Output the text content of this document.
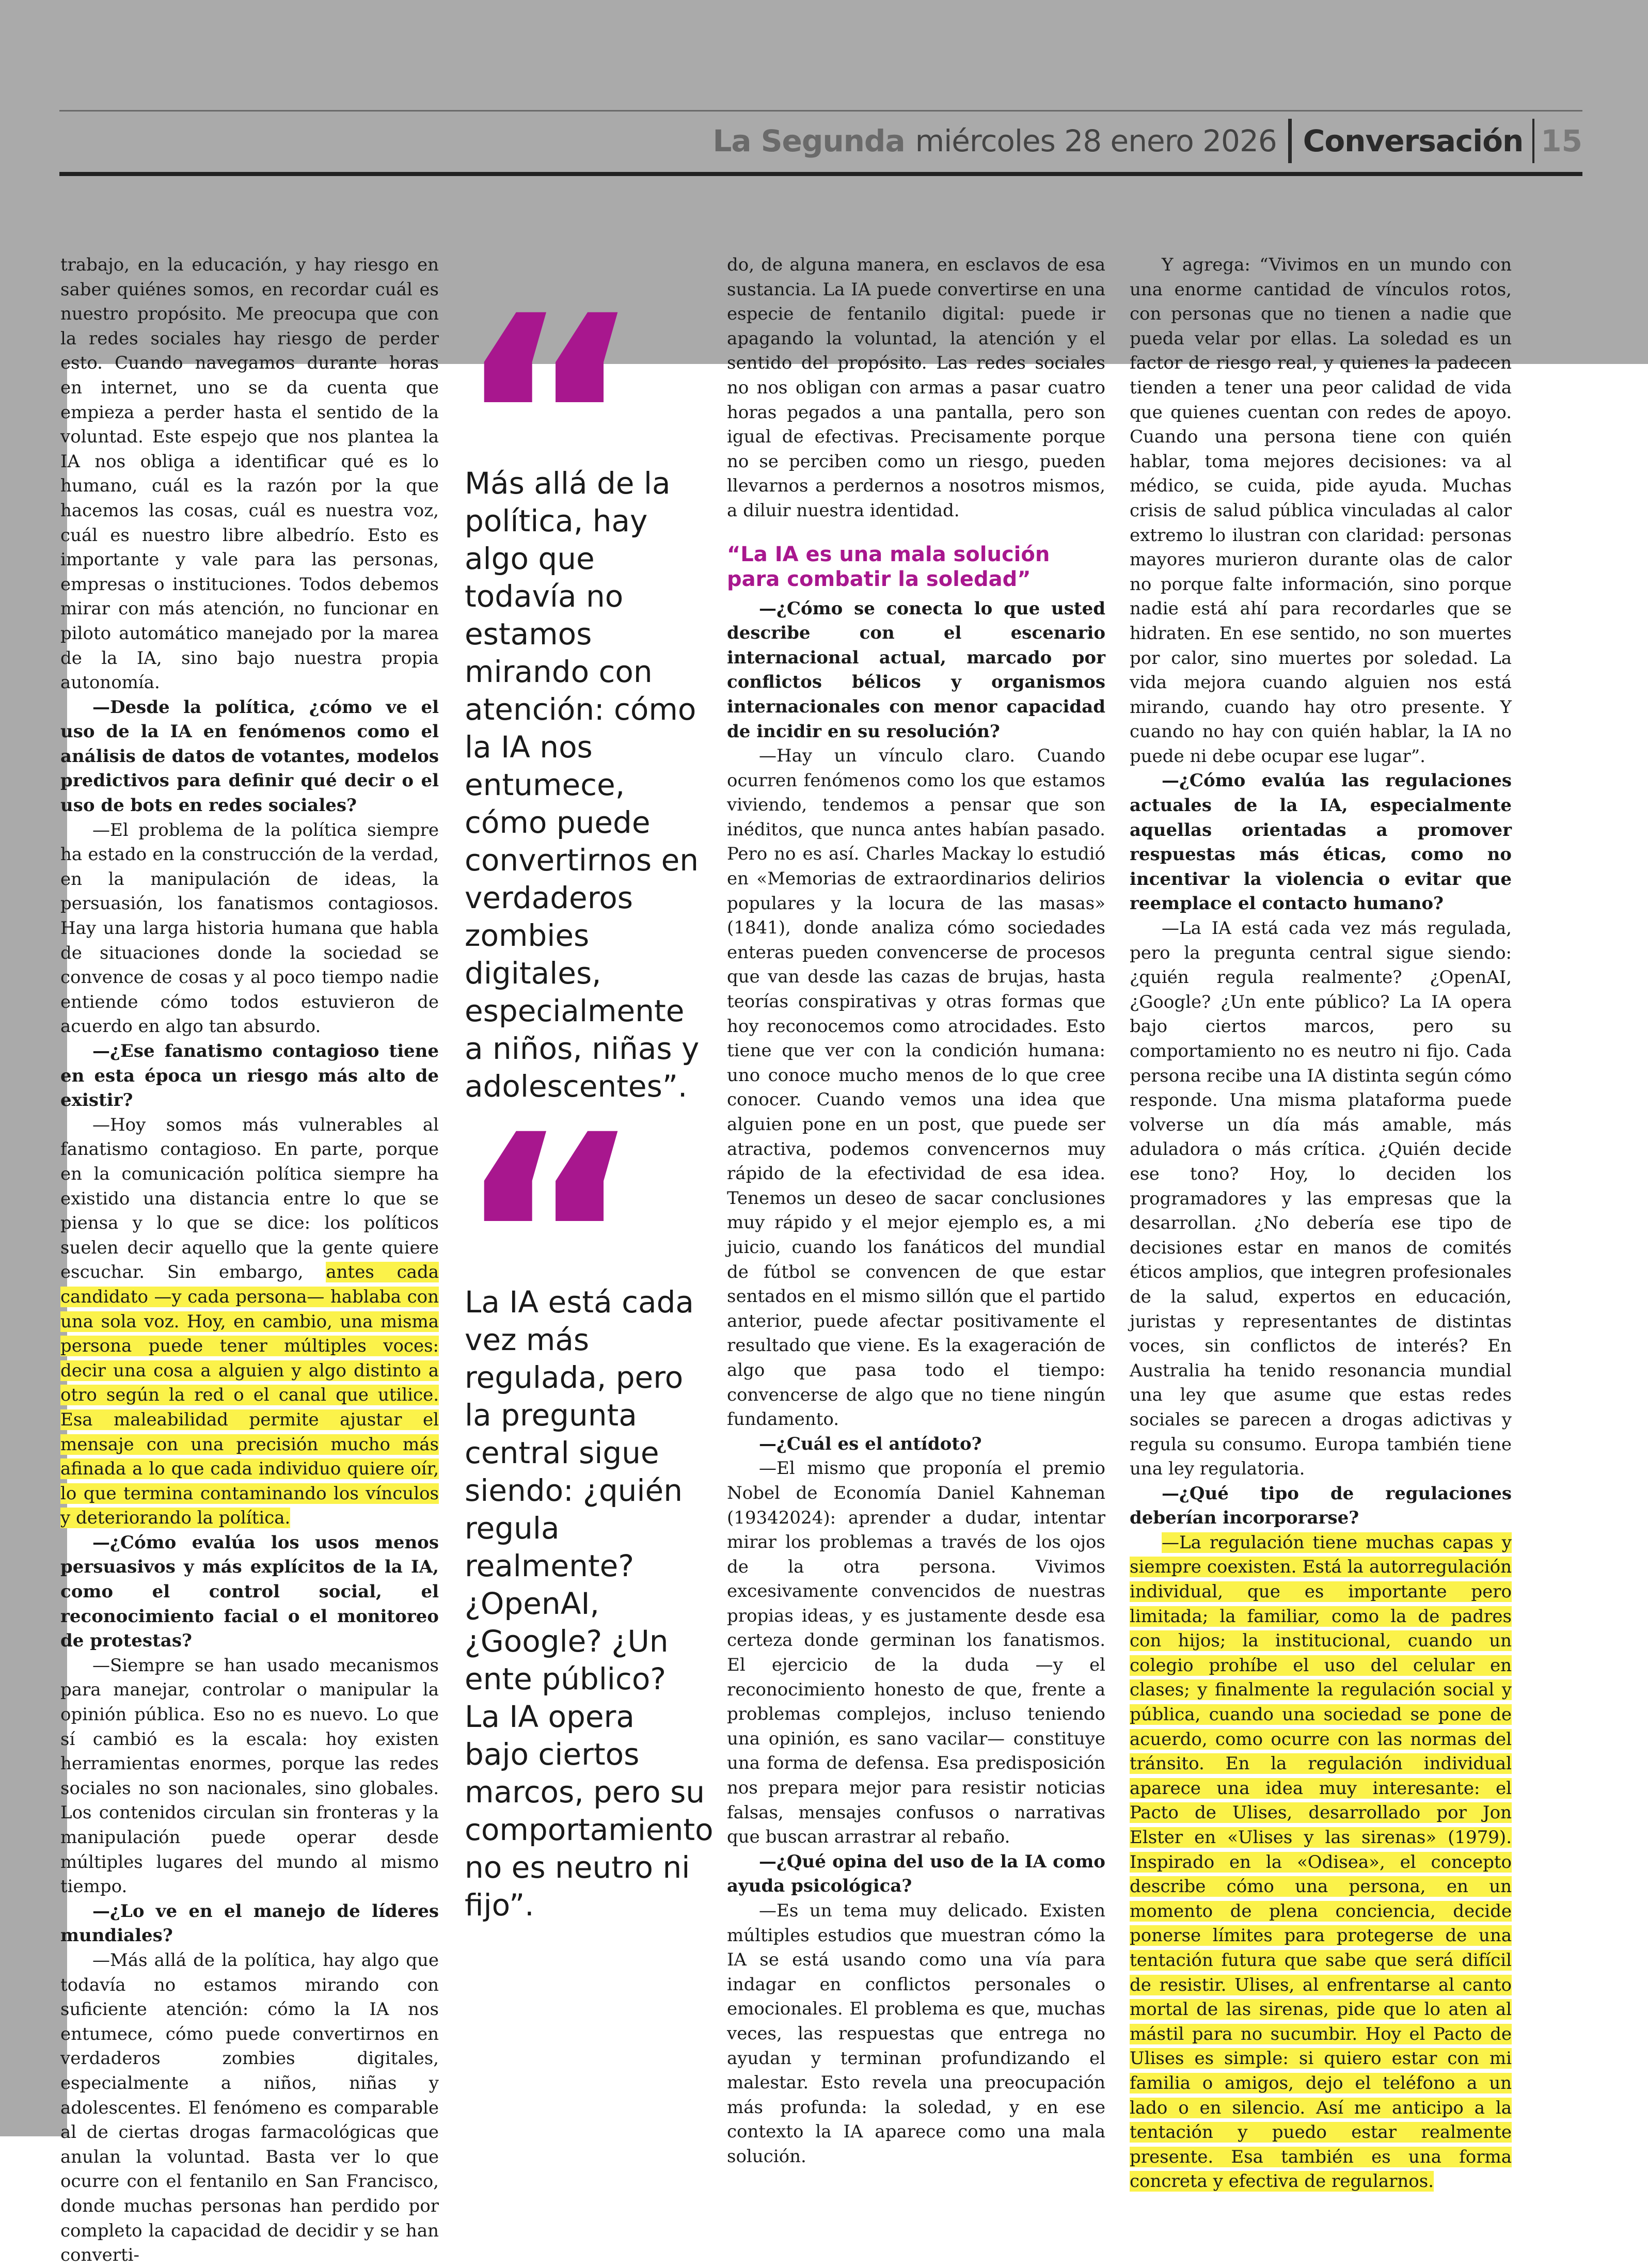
La Segunda miércoles 28 enero 2026 Conversación 15

trabajo, en la educación, y hay riesgo en saber quiénes somos, en recordar cuál es nuestro propósito. Me preocupa que con la redes sociales hay riesgo de perder esto. Cuando navegamos durante horas en internet, uno se da cuenta que empieza a perder hasta el sentido de la voluntad. Este espejo que nos plantea la IA nos obliga a identificar qué es lo humano, cuál es la razón por la que hacemos las cosas, cuál es nuestra voz, cuál es nuestro libre albedrío. Esto es importante y vale para las personas, empresas o instituciones. Todos debemos mirar con más atención, no funcionar en piloto automático manejado por la marea de la IA, sino bajo nuestra propia autonomía.

—Desde la política, ¿cómo ve el uso de la IA en fenómenos como el análisis de datos de votantes, modelos predictivos para definir qué decir o el uso de bots en redes sociales?

—El problema de la política siempre ha estado en la construcción de la verdad, en la manipulación de ideas, la persuasión, los fanatismos contagiosos. Hay una larga historia humana que habla de situaciones donde la sociedad se convence de cosas y al poco tiempo nadie entiende cómo todos estuvieron de acuerdo en algo tan absurdo.

—¿Ese fanatismo contagioso tiene en esta época un riesgo más alto de existir?

—Hoy somos más vulnerables al fanatismo contagioso. En parte, porque en la comunicación política siempre ha existido una distancia entre lo que se piensa y lo que se dice: los políticos suelen decir aquello que la gente quiere escuchar. Sin embargo, antes cada candidato —y cada persona— hablaba con una sola voz. Hoy, en cambio, una misma persona puede tener múltiples voces: decir una cosa a alguien y algo distinto a otro según la red o el canal que utilice. Esa maleabilidad permite ajustar el mensaje con una precisión mucho más afinada a lo que cada individuo quiere oír, lo que termina contaminando los vínculos y deteriorando la política.

—¿Cómo evalúa los usos menos persuasivos y más explícitos de la IA, como el control social, el reconocimiento facial o el monitoreo de protestas?

—Siempre se han usado mecanismos para manejar, controlar o manipular la opinión pública. Eso no es nuevo. Lo que sí cambió es la escala: hoy existen herramientas enormes, porque las redes sociales no son nacionales, sino globales. Los contenidos circulan sin fronteras y la manipulación puede operar desde múltiples lugares del mundo al mismo tiempo.

—¿Lo ve en el manejo de líderes mundiales?

—Más allá de la política, hay algo que todavía no estamos mirando con suficiente atención: cómo la IA nos entumece, cómo puede convertirnos en verdaderos zombies digitales, especialmente a niños, niñas y adolescentes. El fenómeno es comparable al de ciertas drogas farmacológicas que anulan la voluntad. Basta ver lo que ocurre con el fentanilo en San Francisco, donde muchas personas han perdido por completo la capacidad de decidir y se han converti-

Más allá de la política, hay algo que todavía no estamos mirando con atención: cómo la IA nos entumece, cómo puede convertirnos en verdaderos zombies digitales, especialmente a niños, niñas y adolescentes”.

La IA está cada vez más regulada, pero la pregunta central sigue siendo: ¿quién regula realmente? ¿OpenAI, ¿Google? ¿Un ente público? La IA opera bajo ciertos marcos, pero su comportamiento no es neutro ni fijo”.

do, de alguna manera, en esclavos de esa sustancia. La IA puede convertirse en una especie de fentanilo digital: puede ir apagando la voluntad, la atención y el sentido del propósito. Las redes sociales no nos obligan con armas a pasar cuatro horas pegados a una pantalla, pero son igual de efectivas. Precisamente porque no se perciben como un riesgo, pueden llevarnos a perdernos a nosotros mismos, a diluir nuestra identidad.

“La IA es una mala solución para combatir la soledad”

—¿Cómo se conecta lo que usted describe con el escenario internacional actual, marcado por conflictos bélicos y organismos internacionales con menor capacidad de incidir en su resolución?

—Hay un vínculo claro. Cuando ocurren fenómenos como los que estamos viviendo, tendemos a pensar que son inéditos, que nunca antes habían pasado. Pero no es así. Charles Mackay lo estudió en «Memorias de extraordinarios delirios populares y la locura de las masas» (1841), donde analiza cómo sociedades enteras pueden convencerse de procesos que van desde las cazas de brujas, hasta teorías conspirativas y otras formas que hoy reconocemos como atrocidades. Esto tiene que ver con la condición humana: uno conoce mucho menos de lo que cree conocer. Cuando vemos una idea que alguien pone en un post, que puede ser atractiva, podemos convencernos muy rápido de la efectividad de esa idea. Tenemos un deseo de sacar conclusiones muy rápido y el mejor ejemplo es, a mi juicio, cuando los fanáticos del mundial de fútbol se convencen de que estar sentados en el mismo sillón que el partido anterior, puede afectar positivamente el resultado que viene. Es la exageración de algo que pasa todo el tiempo: convencerse de algo que no tiene ningún fundamento.

—¿Cuál es el antídoto?

—El mismo que proponía el premio Nobel de Economía Daniel Kahneman (19342024): aprender a dudar, intentar mirar los problemas a través de los ojos de la otra persona. Vivimos excesivamente convencidos de nuestras propias ideas, y es justamente desde esa certeza donde germinan los fanatismos. El ejercicio de la duda —y el reconocimiento honesto de que, frente a problemas complejos, incluso teniendo una opinión, es sano vacilar— constituye una forma de defensa. Esa predisposición nos prepara mejor para resistir noticias falsas, mensajes confusos o narrativas que buscan arrastrar al rebaño.

—¿Qué opina del uso de la IA como ayuda psicológica?

—Es un tema muy delicado. Existen múltiples estudios que muestran cómo la IA se está usando como una vía para indagar en conflictos personales o emocionales. El problema es que, muchas veces, las respuestas que entrega no ayudan y terminan profundizando el malestar. Esto revela una preocupación más profunda: la soledad, y en ese contexto la IA aparece como una mala solución.

Y agrega: “Vivimos en un mundo con una enorme cantidad de vínculos rotos, con personas que no tienen a nadie que pueda velar por ellas. La soledad es un factor de riesgo real, y quienes la padecen tienden a tener una peor calidad de vida que quienes cuentan con redes de apoyo. Cuando una persona tiene con quién hablar, toma mejores decisiones: va al médico, se cuida, pide ayuda. Muchas crisis de salud pública vinculadas al calor extremo lo ilustran con claridad: personas mayores murieron durante olas de calor no porque falte información, sino porque nadie está ahí para recordarles que se hidraten. En ese sentido, no son muertes por calor, sino muertes por soledad. La vida mejora cuando alguien nos está mirando, cuando hay otro presente. Y cuando no hay con quién hablar, la IA no puede ni debe ocupar ese lugar”.

—¿Cómo evalúa las regulaciones actuales de la IA, especialmente aquellas orientadas a promover respuestas más éticas, como no incentivar la violencia o evitar que reemplace el contacto humano?

—La IA está cada vez más regulada, pero la pregunta central sigue siendo: ¿quién regula realmente? ¿OpenAI, ¿Google? ¿Un ente público? La IA opera bajo ciertos marcos, pero su comportamiento no es neutro ni fijo. Cada persona recibe una IA distinta según cómo responde. Una misma plataforma puede volverse un día más amable, más aduladora o más crítica. ¿Quién decide ese tono? Hoy, lo deciden los programadores y las empresas que la desarrollan. ¿No debería ese tipo de decisiones estar en manos de comités éticos amplios, que integren profesionales de la salud, expertos en educación, juristas y representantes de distintas voces, sin conflictos de interés? En Australia ha tenido resonancia mundial una ley que asume que estas redes sociales se parecen a drogas adictivas y regula su consumo. Europa también tiene una ley regulatoria.

—¿Qué tipo de regulaciones deberían incorporarse?

—La regulación tiene muchas capas y siempre coexisten. Está la autorregulación individual, que es importante pero limitada; la familiar, como la de padres con hijos; la institucional, cuando un colegio prohíbe el uso del celular en clases; y finalmente la regulación social y pública, cuando una sociedad se pone de acuerdo, como ocurre con las normas del tránsito. En la regulación individual aparece una idea muy interesante: el Pacto de Ulises, desarrollado por Jon Elster en «Ulises y las sirenas» (1979). Inspirado en la «Odisea», el concepto describe cómo una persona, en un momento de plena conciencia, decide ponerse límites para protegerse de una tentación futura que sabe que será difícil de resistir. Ulises, al enfrentarse al canto mortal de las sirenas, pide que lo aten al mástil para no sucumbir. Hoy el Pacto de Ulises es simple: si quiero estar con mi familia o amigos, dejo el teléfono a un lado o en silencio. Así me anticipo a la tentación y puedo estar realmente presente. Esa también es una forma concreta y efectiva de regularnos.
